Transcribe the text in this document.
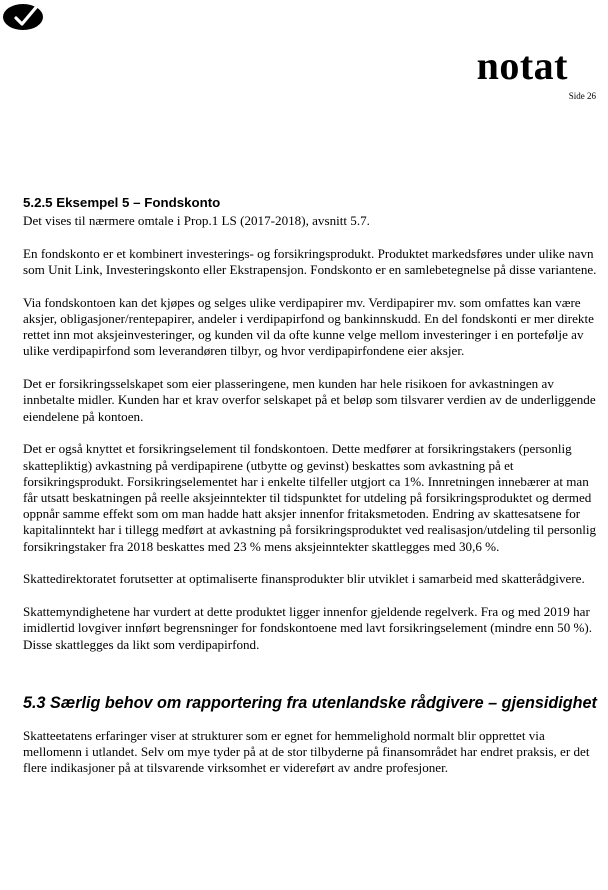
notat
Side 26
5.2.5 Eksempel 5 – Fondskonto

Det vises til nærmere omtale i Prop.1 LS (2017-2018), avsnitt 5.7.

En fondskonto er et kombinert investerings- og forsikringsprodukt. Produktet markedsføres under ulike navn som Unit Link, Investeringskonto eller Ekstrapensjon. Fondskonto er en samlebetegnelse på disse variantene.

Via fondskontoen kan det kjøpes og selges ulike verdipapirer mv. Verdipapirer mv. som omfattes kan være aksjer, obligasjoner/rentepapirer, andeler i verdipapirfond og bankinnskudd. En del fondskonti er mer direkte rettet inn mot aksjeinvesteringer, og kunden vil da ofte kunne velge mellom investeringer i en portefølje av ulike verdipapirfond som leverandøren tilbyr, og hvor verdipapirfondene eier aksjer.

Det er forsikringsselskapet som eier plasseringene, men kunden har hele risikoen for avkastningen av innbetalte midler. Kunden har et krav overfor selskapet på et beløp som tilsvarer verdien av de underliggende eiendelene på kontoen.

Det er også knyttet et forsikringselement til fondskontoen. Dette medfører at forsikringstakers (personlig skattepliktig) avkastning på verdipapirene (utbytte og gevinst) beskattes som avkastning på et forsikringsprodukt. Forsikringselementet har i enkelte tilfeller utgjort ca 1%. Innretningen innebærer at man får utsatt beskatningen på reelle aksjeinntekter til tidspunktet for utdeling på forsikringsproduktet og dermed oppnår samme effekt som om man hadde hatt aksjer innenfor fritaksmetoden. Endring av skattesatsene for kapitalinntekt har i tillegg medført at avkastning på forsikringsproduktet ved realisasjon/utdeling til personlig forsikringstaker fra 2018 beskattes med 23 % mens aksjeinntekter skattlegges med 30,6 %.

Skattedirektoratet forutsetter at optimaliserte finansprodukter blir utviklet i samarbeid med skatterådgivere.

Skattemyndighetene har vurdert at dette produktet ligger innenfor gjeldende regelverk. Fra og med 2019 har imidlertid lovgiver innført begrensninger for fondskontoene med lavt forsikringselement (mindre enn 50 %). Disse skattlegges da likt som verdipapirfond.

5.3 Særlig behov om rapportering fra utenlandske rådgivere – gjensidighet

Skatteetatens erfaringer viser at strukturer som er egnet for hemmelighold normalt blir opprettet via mellomenn i utlandet. Selv om mye tyder på at de stor tilbyderne på finansområdet har endret praksis, er det flere indikasjoner på at tilsvarende virksomhet er videreført av andre profesjoner.
